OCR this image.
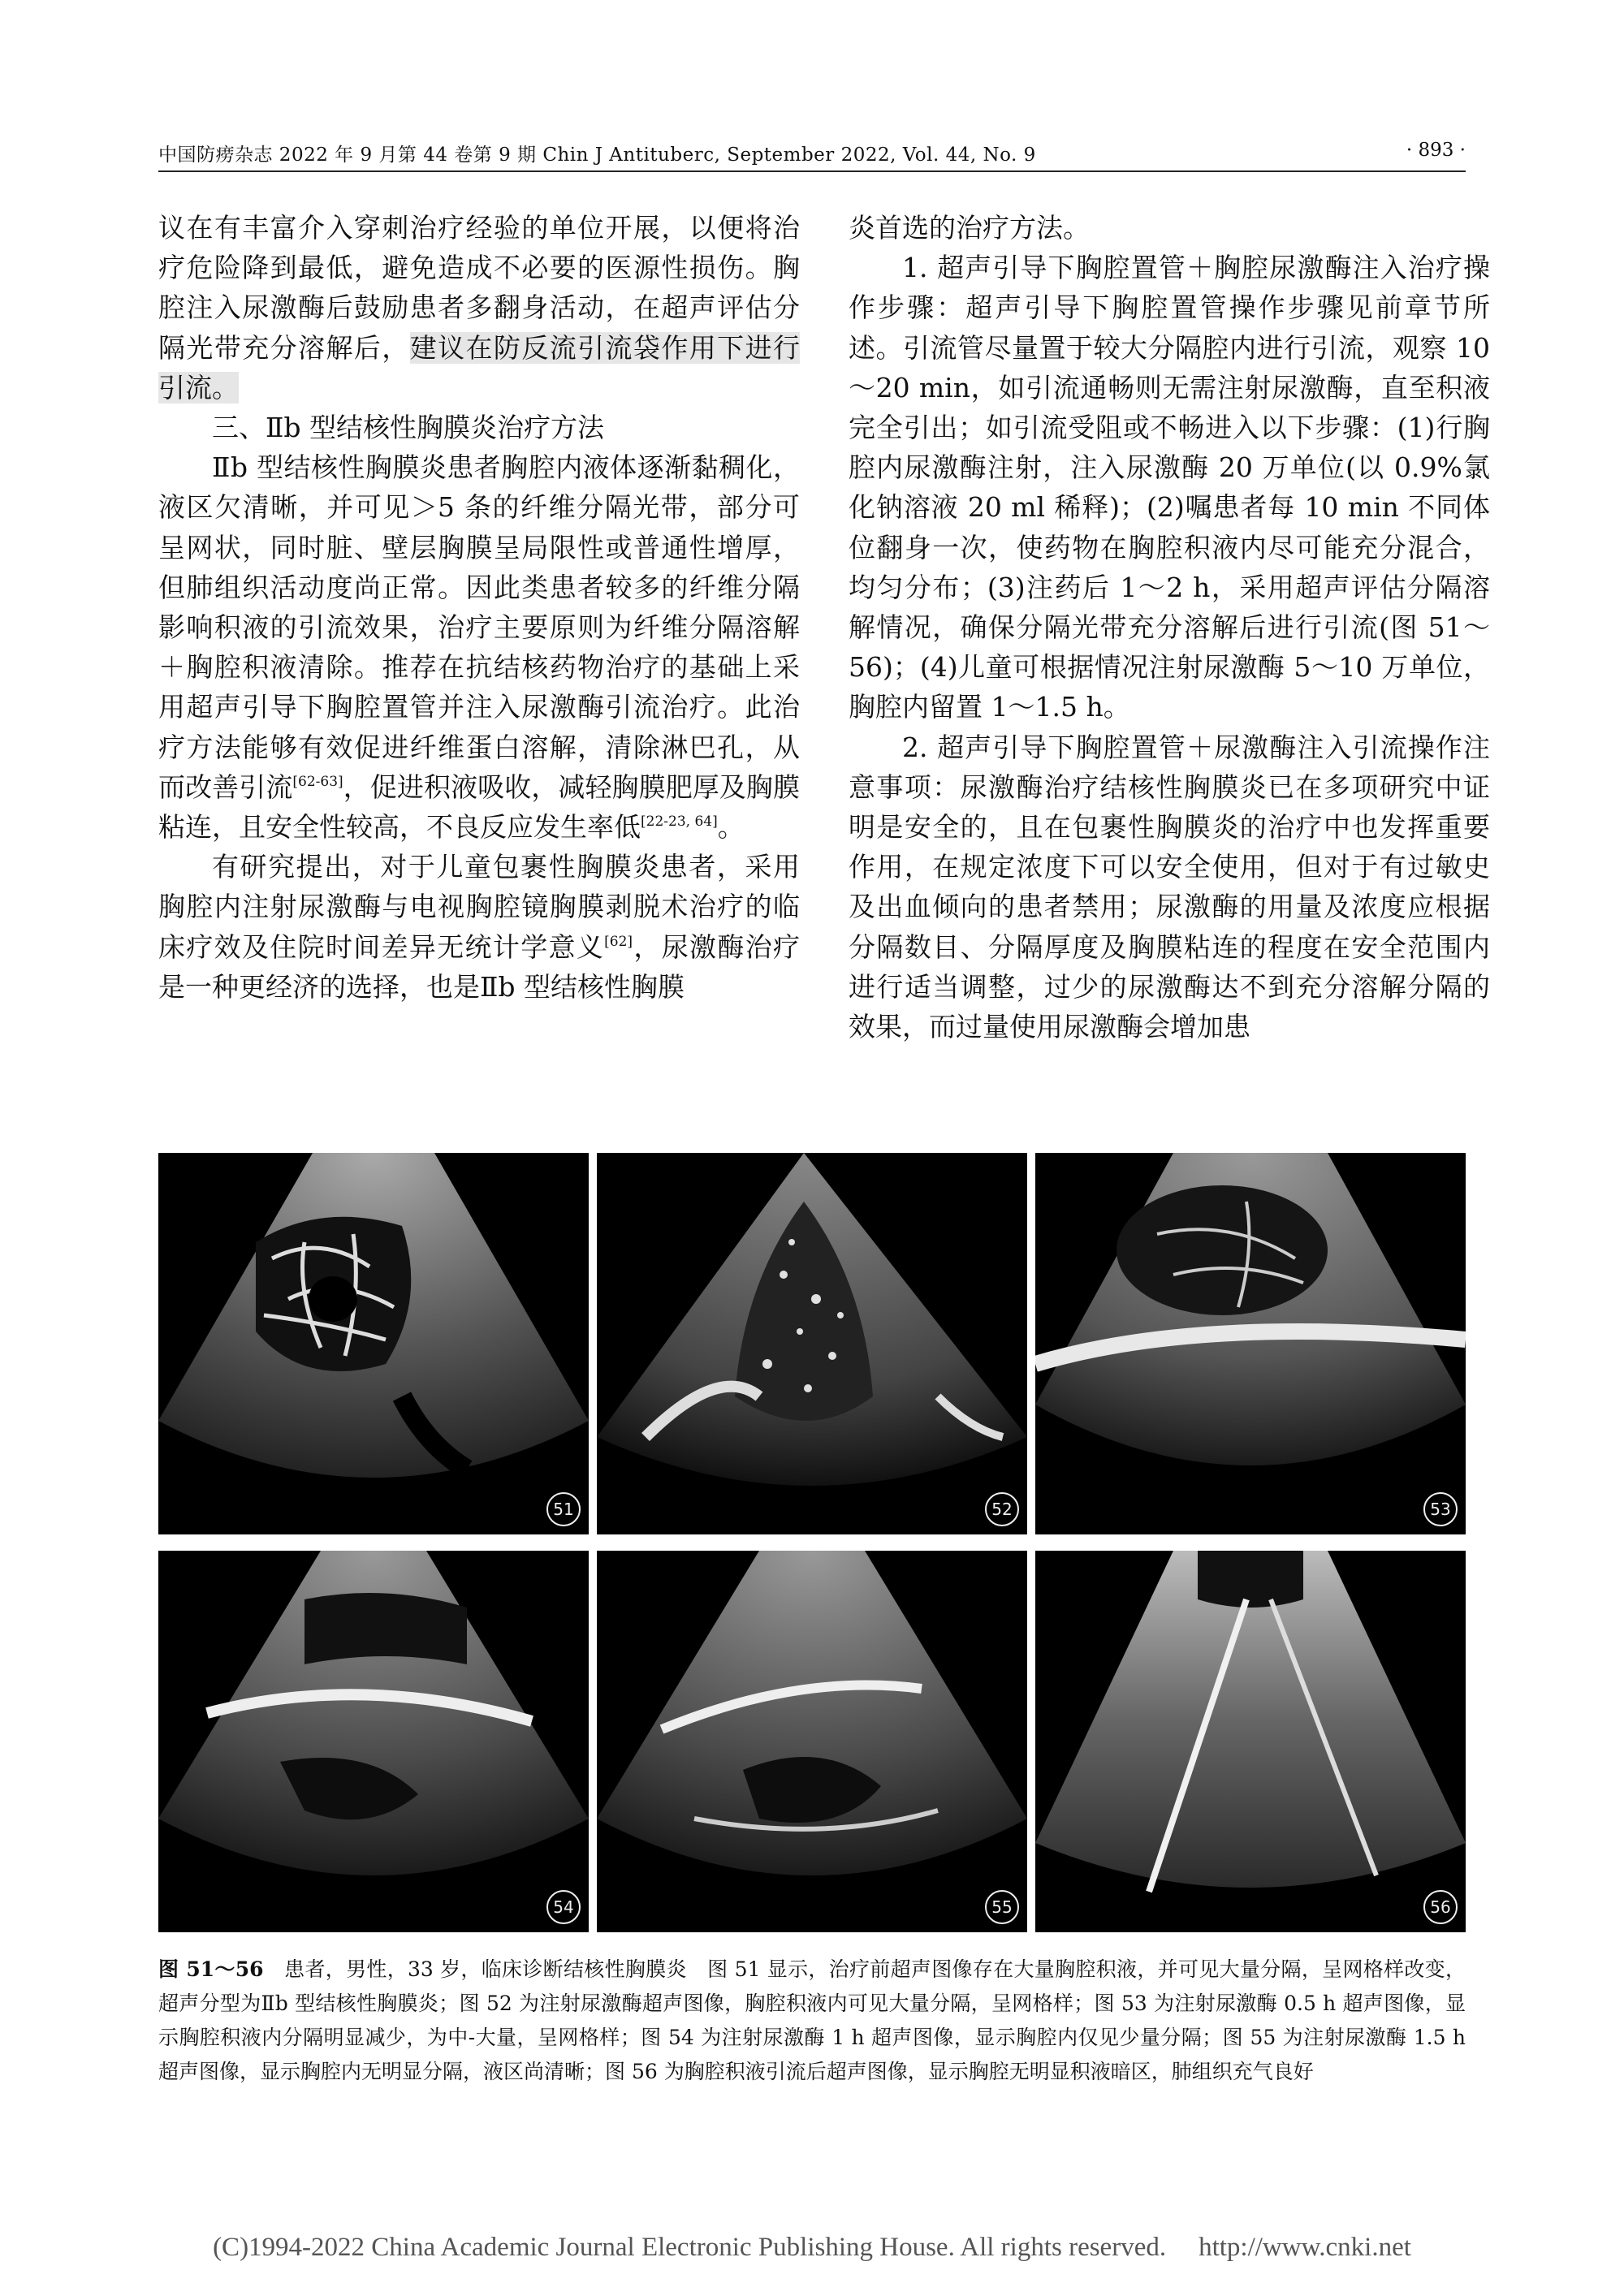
中国防痨杂志 2022 年 9 月第 44 卷第 9 期 Chin J Antituberc, September 2022, Vol. 44, No. 9	· 893 ·

议在有丰富介入穿刺治疗经验的单位开展，以便将治疗危险降到最低，避免造成不必要的医源性损伤。胸腔注入尿激酶后鼓励患者多翻身活动，在超声评估分隔光带充分溶解后，建议在防反流引流袋作用下进行引流。

三、Ⅱb 型结核性胸膜炎治疗方法

Ⅱb 型结核性胸膜炎患者胸腔内液体逐渐黏稠化，液区欠清晰，并可见＞5 条的纤维分隔光带，部分可呈网状，同时脏、壁层胸膜呈局限性或普通性增厚，但肺组织活动度尚正常。因此类患者较多的纤维分隔影响积液的引流效果，治疗主要原则为纤维分隔溶解＋胸腔积液清除。推荐在抗结核药物治疗的基础上采用超声引导下胸腔置管并注入尿激酶引流治疗。此治疗方法能够有效促进纤维蛋白溶解，清除淋巴孔，从而改善引流[62-63]，促进积液吸收，减轻胸膜肥厚及胸膜粘连，且安全性较高，不良反应发生率低[22-23, 64]。

有研究提出，对于儿童包裹性胸膜炎患者，采用胸腔内注射尿激酶与电视胸腔镜胸膜剥脱术治疗的临床疗效及住院时间差异无统计学意义[62]，尿激酶治疗是一种更经济的选择，也是Ⅱb 型结核性胸膜

炎首选的治疗方法。

1. 超声引导下胸腔置管＋胸腔尿激酶注入治疗操作步骤：超声引导下胸腔置管操作步骤见前章节所述。引流管尽量置于较大分隔腔内进行引流，观察 10～20 min，如引流通畅则无需注射尿激酶，直至积液完全引出；如引流受阻或不畅进入以下步骤：(1)行胸腔内尿激酶注射，注入尿激酶 20 万单位(以 0.9%氯化钠溶液 20 ml 稀释)；(2)嘱患者每 10 min 不同体位翻身一次，使药物在胸腔积液内尽可能充分混合，均匀分布；(3)注药后 1～2 h，采用超声评估分隔溶解情况，确保分隔光带充分溶解后进行引流(图 51～56)；(4)儿童可根据情况注射尿激酶 5～10 万单位，胸腔内留置 1～1.5 h。

2. 超声引导下胸腔置管＋尿激酶注入引流操作注意事项：尿激酶治疗结核性胸膜炎已在多项研究中证明是安全的，且在包裹性胸膜炎的治疗中也发挥重要作用，在规定浓度下可以安全使用，但对于有过敏史及出血倾向的患者禁用；尿激酶的用量及浓度应根据分隔数目、分隔厚度及胸膜粘连的程度在安全范围内进行适当调整，过少的尿激酶达不到充分溶解分隔的效果，而过量使用尿激酶会增加患

51	52	53
54	55	56
图 51～56　患者，男性，33 岁，临床诊断结核性胸膜炎　图 51 显示，治疗前超声图像存在大量胸腔积液，并可见大量分隔，呈网格样改变，超声分型为Ⅱb 型结核性胸膜炎；图 52 为注射尿激酶超声图像，胸腔积液内可见大量分隔，呈网格样；图 53 为注射尿激酶 0.5 h 超声图像，显示胸腔积液内分隔明显减少，为中-大量，呈网格样；图 54 为注射尿激酶 1 h 超声图像，显示胸腔内仅见少量分隔；图 55 为注射尿激酶 1.5 h 超声图像，显示胸腔内无明显分隔，液区尚清晰；图 56 为胸腔积液引流后超声图像，显示胸腔无明显积液暗区，肺组织充气良好
(C)1994-2022 China Academic Journal Electronic Publishing House. All rights reserved. http://www.cnki.net
